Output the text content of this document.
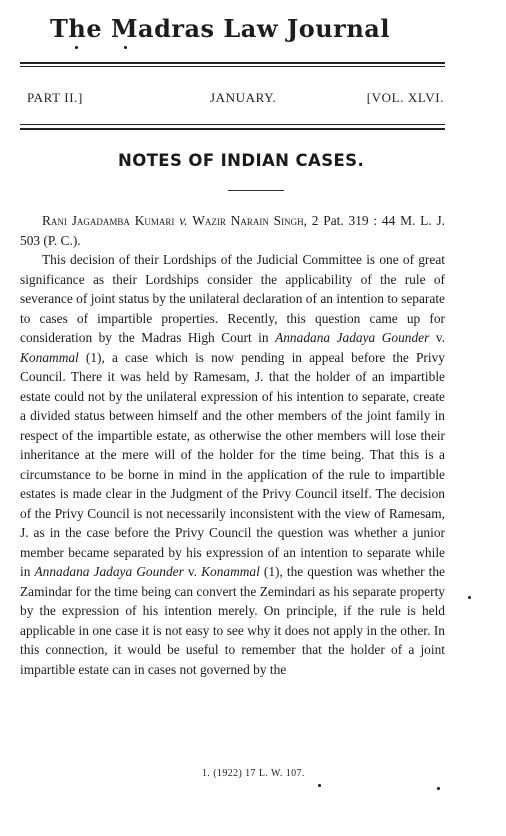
The Madras Law Journal
PART II.]	JANUARY.	[VOL. XLVI.
NOTES OF INDIAN CASES.

Rani Jagadamba Kumari v. Wazir Narain Singh, 2 Pat. 319 : 44 M. L. J. 503 (P. C.).

This decision of their Lordships of the Judicial Committee is one of great significance as their Lordships consider the applicability of the rule of severance of joint status by the unilateral declaration of an intention to separate to cases of impartible properties. Recently, this question came up for consideration by the Madras High Court in Annadana Jadaya Gounder v. Konammal (1), a case which is now pending in appeal before the Privy Council. There it was held by Ramesam, J. that the holder of an impartible estate could not by the unilateral expression of his intention to separate, create a divided status between himself and the other members of the joint family in respect of the impartible estate, as otherwise the other members will lose their inheritance at the mere will of the holder for the time being. That this is a circumstance to be borne in mind in the application of the rule to impartible estates is made clear in the Judgment of the Privy Council itself. The decision of the Privy Council is not necessarily inconsistent with the view of Ramesam, J. as in the case before the Privy Council the question was whether a junior member became separated by his expression of an intention to separate while in Annadana Jadaya Gounder v. Konammal (1), the question was whether the Zamindar for the time being can convert the Zemindari as his separate property by the expression of his intention merely. On principle, if the rule is held applicable in one case it is not easy to see why it does not apply in the other. In this connection, it would be useful to remember that the holder of a joint impartible estate can in cases not governed by the

1. (1922) 17 L. W. 107.
